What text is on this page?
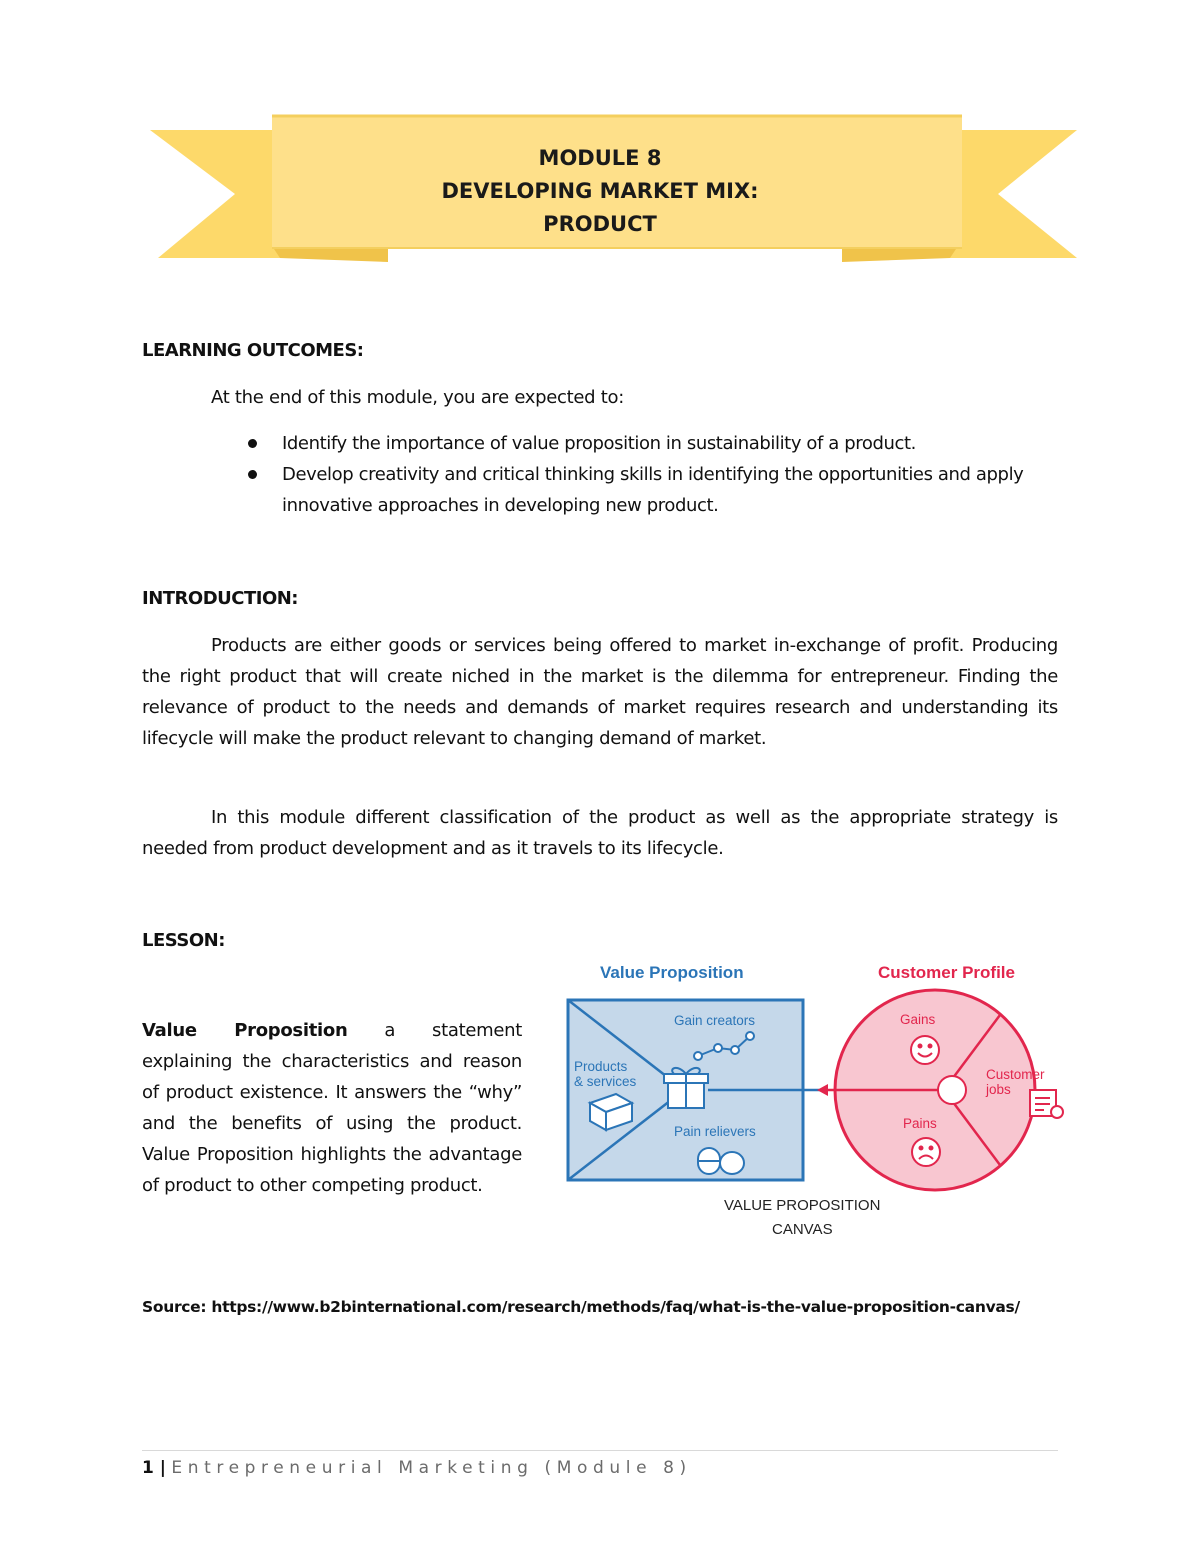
MODULE 8
DEVELOPING MARKET MIX:
PRODUCT
LEARNING OUTCOMES:
At the end of this module, you are expected to:
Identify the importance of value proposition in sustainability of a product.
Develop creativity and critical thinking skills in identifying the opportunities and apply innovative approaches in developing new product.
INTRODUCTION:
Products are either goods or services being offered to market in-exchange of profit. Producing the right product that will create niched in the market is the dilemma for entrepreneur. Finding the relevance of product to the needs and demands of market requires research and understanding its lifecycle will make the product relevant to changing demand of market.
In this module different classification of the product as well as the appropriate strategy is needed from product development and as it travels to its lifecycle.
LESSON:
Value Proposition a statement explaining the characteristics and reason of product existence. It answers the “why” and the benefits of using the product. Value Proposition highlights the advantage of product to other competing product.
Value Proposition	Customer Profile
Gain creators
Products
& services
Pain relievers
Gains
Pains
Customer
jobs
VALUE PROPOSITION
CANVAS
Source: https://www.b2binternational.com/research/methods/faq/what-is-the-value-proposition-canvas/
1 | Entrepreneurial Marketing (Module 8)
